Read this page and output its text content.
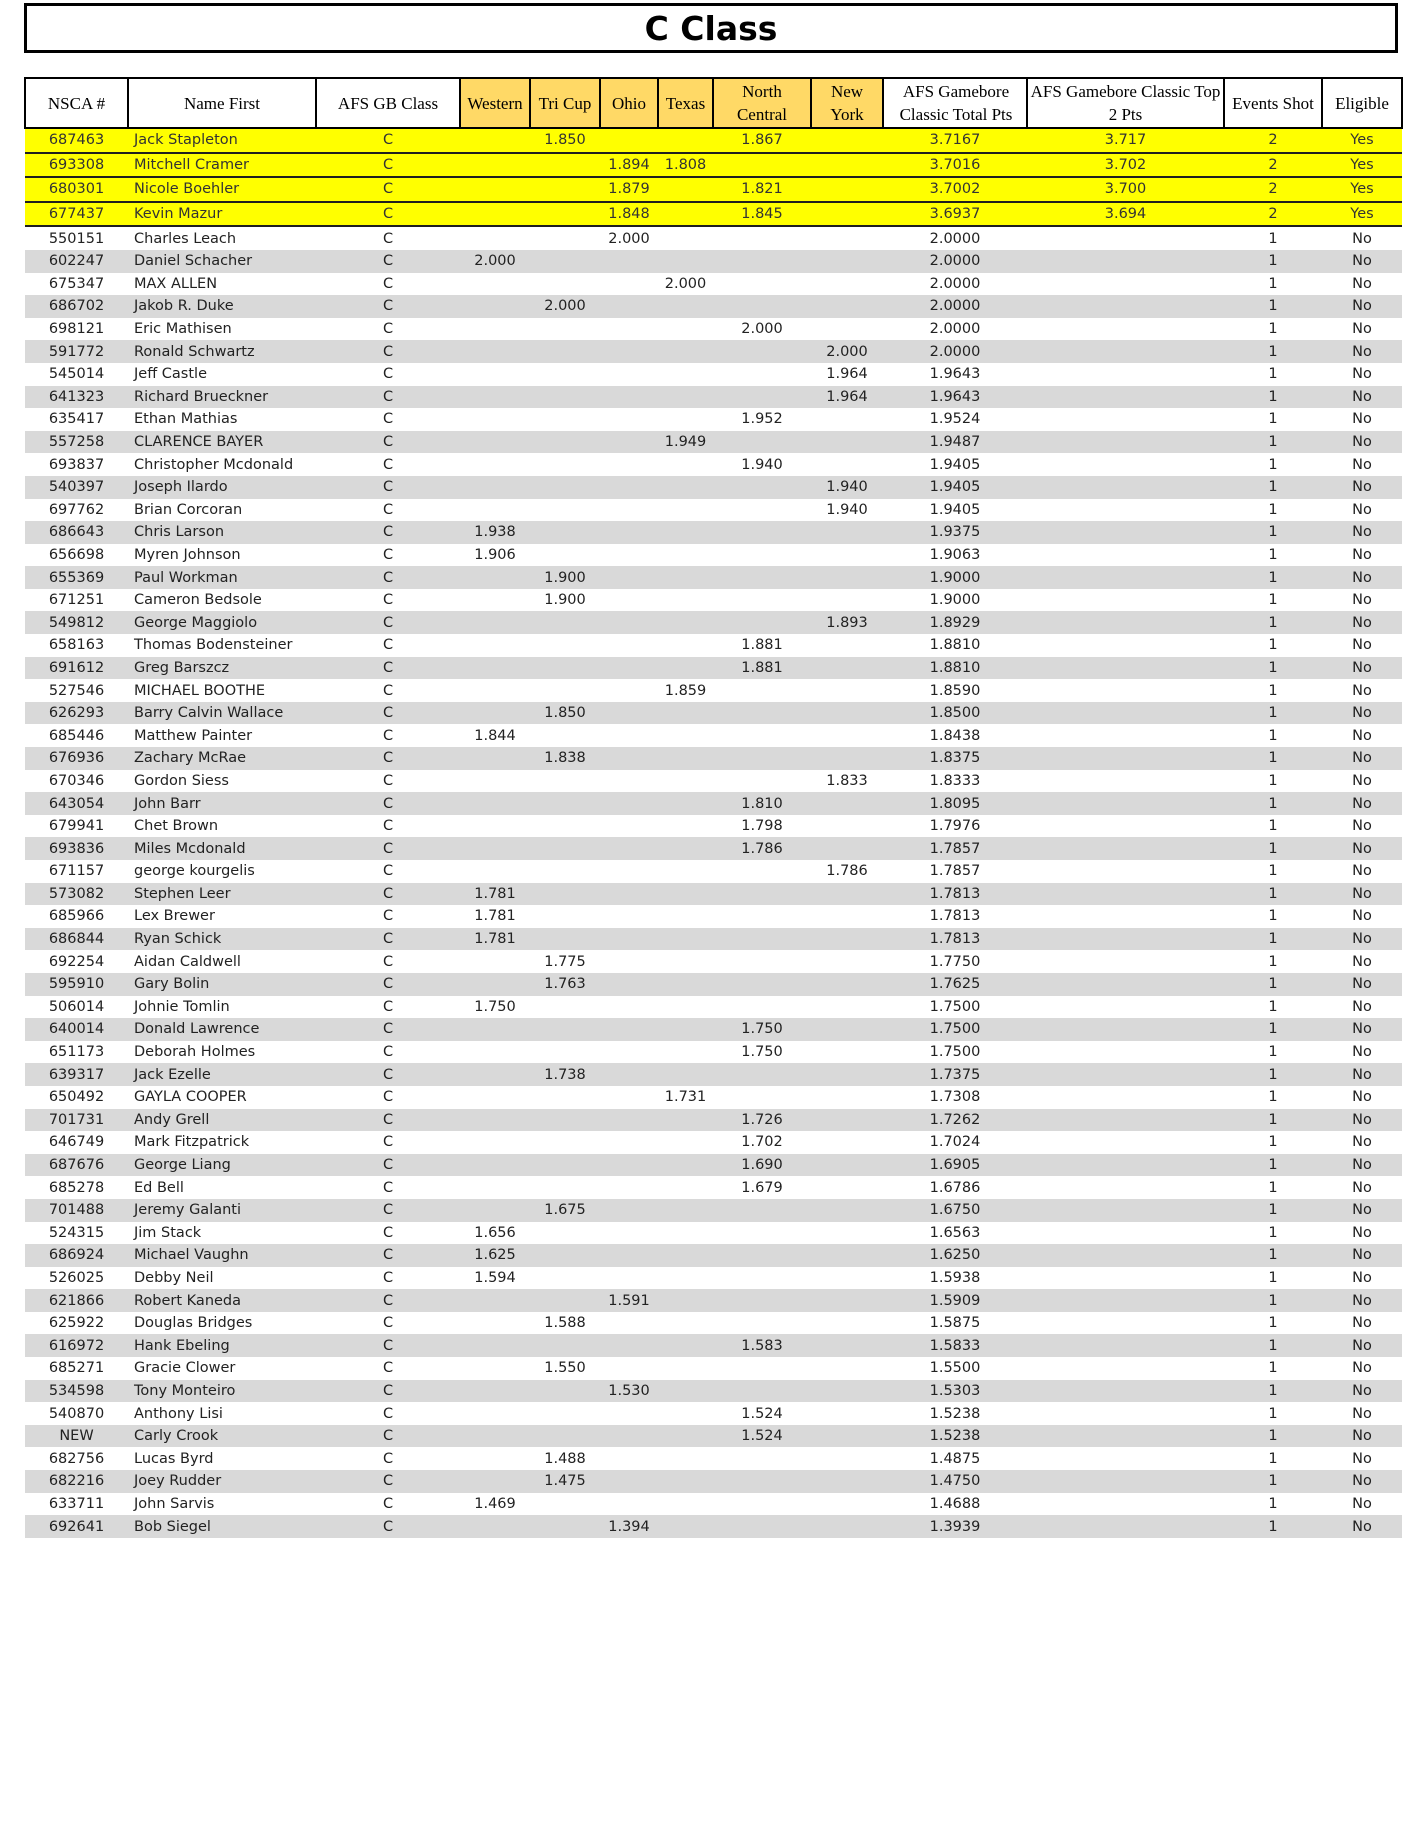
C Class
NSCA #	Name First	AFS GB Class	Western	Tri Cup	Ohio	Texas	North Central	New York	AFS Gamebore Classic Total Pts	AFS Gamebore Classic Top 2 Pts	Events Shot	Eligible
687463	Jack Stapleton	C		1.850			1.867		3.7167	3.717	2	Yes
693308	Mitchell Cramer	C			1.894	1.808			3.7016	3.702	2	Yes
680301	Nicole Boehler	C			1.879		1.821		3.7002	3.700	2	Yes
677437	Kevin Mazur	C			1.848		1.845		3.6937	3.694	2	Yes
550151	Charles Leach	C			2.000				2.0000		1	No
602247	Daniel Schacher	C	2.000						2.0000		1	No
675347	MAX ALLEN	C				2.000			2.0000		1	No
686702	Jakob R. Duke	C		2.000					2.0000		1	No
698121	Eric Mathisen	C					2.000		2.0000		1	No
591772	Ronald Schwartz	C						2.000	2.0000		1	No
545014	Jeff Castle	C						1.964	1.9643		1	No
641323	Richard Brueckner	C						1.964	1.9643		1	No
635417	Ethan Mathias	C					1.952		1.9524		1	No
557258	CLARENCE BAYER	C				1.949			1.9487		1	No
693837	Christopher Mcdonald	C					1.940		1.9405		1	No
540397	Joseph Ilardo	C						1.940	1.9405		1	No
697762	Brian Corcoran	C						1.940	1.9405		1	No
686643	Chris Larson	C	1.938						1.9375		1	No
656698	Myren Johnson	C	1.906						1.9063		1	No
655369	Paul Workman	C		1.900					1.9000		1	No
671251	Cameron Bedsole	C		1.900					1.9000		1	No
549812	George Maggiolo	C						1.893	1.8929		1	No
658163	Thomas Bodensteiner	C					1.881		1.8810		1	No
691612	Greg Barszcz	C					1.881		1.8810		1	No
527546	MICHAEL BOOTHE	C				1.859			1.8590		1	No
626293	Barry Calvin Wallace	C		1.850					1.8500		1	No
685446	Matthew Painter	C	1.844						1.8438		1	No
676936	Zachary McRae	C		1.838					1.8375		1	No
670346	Gordon Siess	C						1.833	1.8333		1	No
643054	John Barr	C					1.810		1.8095		1	No
679941	Chet Brown	C					1.798		1.7976		1	No
693836	Miles Mcdonald	C					1.786		1.7857		1	No
671157	george kourgelis	C						1.786	1.7857		1	No
573082	Stephen Leer	C	1.781						1.7813		1	No
685966	Lex Brewer	C	1.781						1.7813		1	No
686844	Ryan Schick	C	1.781						1.7813		1	No
692254	Aidan Caldwell	C		1.775					1.7750		1	No
595910	Gary Bolin	C		1.763					1.7625		1	No
506014	Johnie Tomlin	C	1.750						1.7500		1	No
640014	Donald Lawrence	C					1.750		1.7500		1	No
651173	Deborah Holmes	C					1.750		1.7500		1	No
639317	Jack Ezelle	C		1.738					1.7375		1	No
650492	GAYLA COOPER	C				1.731			1.7308		1	No
701731	Andy Grell	C					1.726		1.7262		1	No
646749	Mark Fitzpatrick	C					1.702		1.7024		1	No
687676	George Liang	C					1.690		1.6905		1	No
685278	Ed Bell	C					1.679		1.6786		1	No
701488	Jeremy Galanti	C		1.675					1.6750		1	No
524315	Jim Stack	C	1.656						1.6563		1	No
686924	Michael Vaughn	C	1.625						1.6250		1	No
526025	Debby Neil	C	1.594						1.5938		1	No
621866	Robert Kaneda	C			1.591				1.5909		1	No
625922	Douglas Bridges	C		1.588					1.5875		1	No
616972	Hank Ebeling	C					1.583		1.5833		1	No
685271	Gracie Clower	C		1.550					1.5500		1	No
534598	Tony Monteiro	C			1.530				1.5303		1	No
540870	Anthony Lisi	C					1.524		1.5238		1	No
NEW	Carly Crook	C					1.524		1.5238		1	No
682756	Lucas Byrd	C		1.488					1.4875		1	No
682216	Joey Rudder	C		1.475					1.4750		1	No
633711	John Sarvis	C	1.469						1.4688		1	No
692641	Bob Siegel	C			1.394				1.3939		1	No
